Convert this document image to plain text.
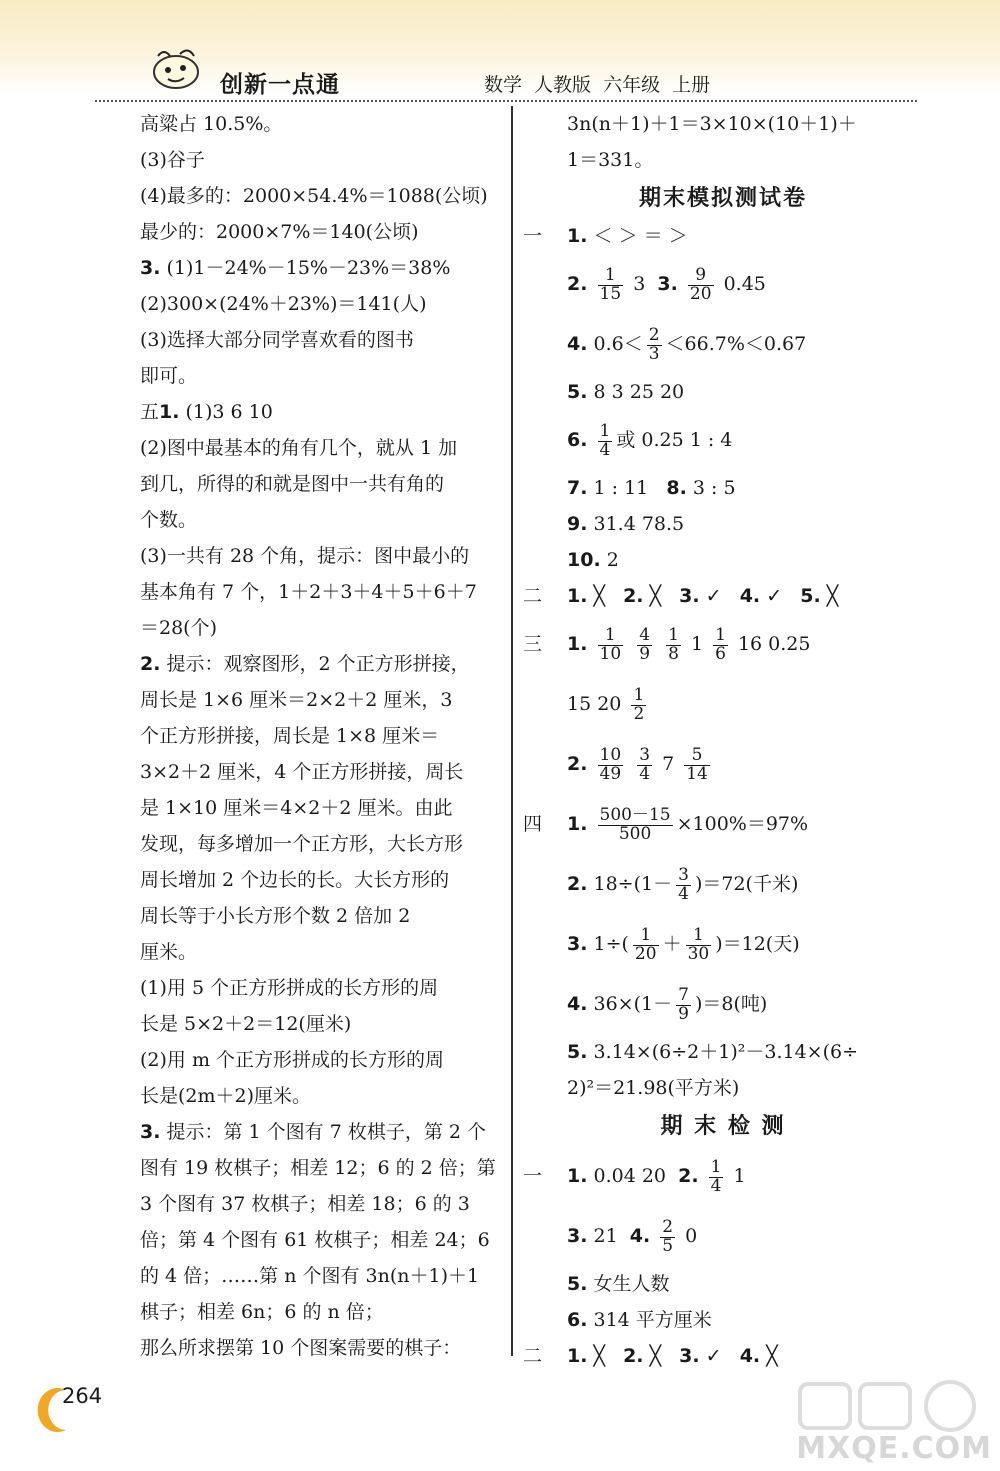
创新一点通	数学 人教版 六年级 上册
高粱占 10.5%。
(3)谷子
(4)最多的：2000×54.4%＝1088(公顷)
最少的：2000×7%＝140(公顷)
3. (1)1－24%－15%－23%＝38%
(2)300×(24%＋23%)＝141(人)
(3)选择大部分同学喜欢看的图书
即可。
五1. (1)3 6 10
(2)图中最基本的角有几个，就从 1 加
到几，所得的和就是图中一共有角的
个数。
(3)一共有 28 个角，提示：图中最小的
基本角有 7 个，1＋2＋3＋4＋5＋6＋7
＝28(个)
2. 提示：观察图形，2 个正方形拼接，
周长是 1×6 厘米＝2×2＋2 厘米，3
个正方形拼接，周长是 1×8 厘米＝
3×2＋2 厘米，4 个正方形拼接，周长
是 1×10 厘米＝4×2＋2 厘米。由此
发现，每多增加一个正方形，大长方形
周长增加 2 个边长的长。大长方形的
周长等于小长方形个数 2 倍加 2
厘米。
(1)用 5 个正方形拼成的长方形的周
长是 5×2＋2＝12(厘米)
(2)用 m 个正方形拼成的长方形的周
长是(2m＋2)厘米。
3. 提示：第 1 个图有 7 枚棋子，第 2 个
图有 19 枚棋子；相差 12；6 的 2 倍；第
3 个图有 37 枚棋子；相差 18；6 的 3
倍；第 4 个图有 61 枚棋子；相差 24；6
的 4 倍；……第 n 个图有 3n(n＋1)＋1
棋子；相差 6n；6 的 n 倍；
那么所求摆第 10 个图案需要的棋子：
3n(n＋1)＋1＝3×10×(10＋1)＋
1＝331。
期末模拟测试卷
一 1. ＜ ＞ ＝ ＞
2. $\frac{1}{15} 3$ 3. $\frac{9}{20} 0.45$
4. $0.6< \frac{2}{3} <66.7\%<0.67$
5. 8 3 25 20
6. $\frac{1}{4}$ 或 0.25 1 : 4
7. 1 : 11 8. 3 : 5
9. 31.4 78.5
10. 2
二 1. ╳ 2. ╳ 3. ✓ 4. ✓ 5. ╳
三 1. $\frac{1}{10}$
$\frac{4}{9}$
$\frac{1}{8} 1 \frac{1}{6} 16$ 0.25
15 $20 \frac{1}{2}$
2. $\frac{10}{49}$
$\frac{3}{4} 7 \frac{5}{14}$
四 1. $\frac{500-15}{500} \times 100\%=97\%$
2. $18\div(1- \frac{3}{4} )=72$(千米)
3. $1\div( \frac{1}{20} + \frac{1}{30} )=12$(天)
4. $36\times(1- \frac{7}{9} )=8$(吨)
5. 3.14×(6÷2＋1)²－3.14×(6÷
2)²＝21.98(平方米)
期 末 检 测
一 1. 0.04 20 2. $\frac{1}{4} 1$
3. 21 4. $\frac{2}{5} 0$
5. 女生人数
6. 314 平方厘米
二 1. ╳ 2. ╳ 3. ✓ 4. ╳
264
MXQE.COM
